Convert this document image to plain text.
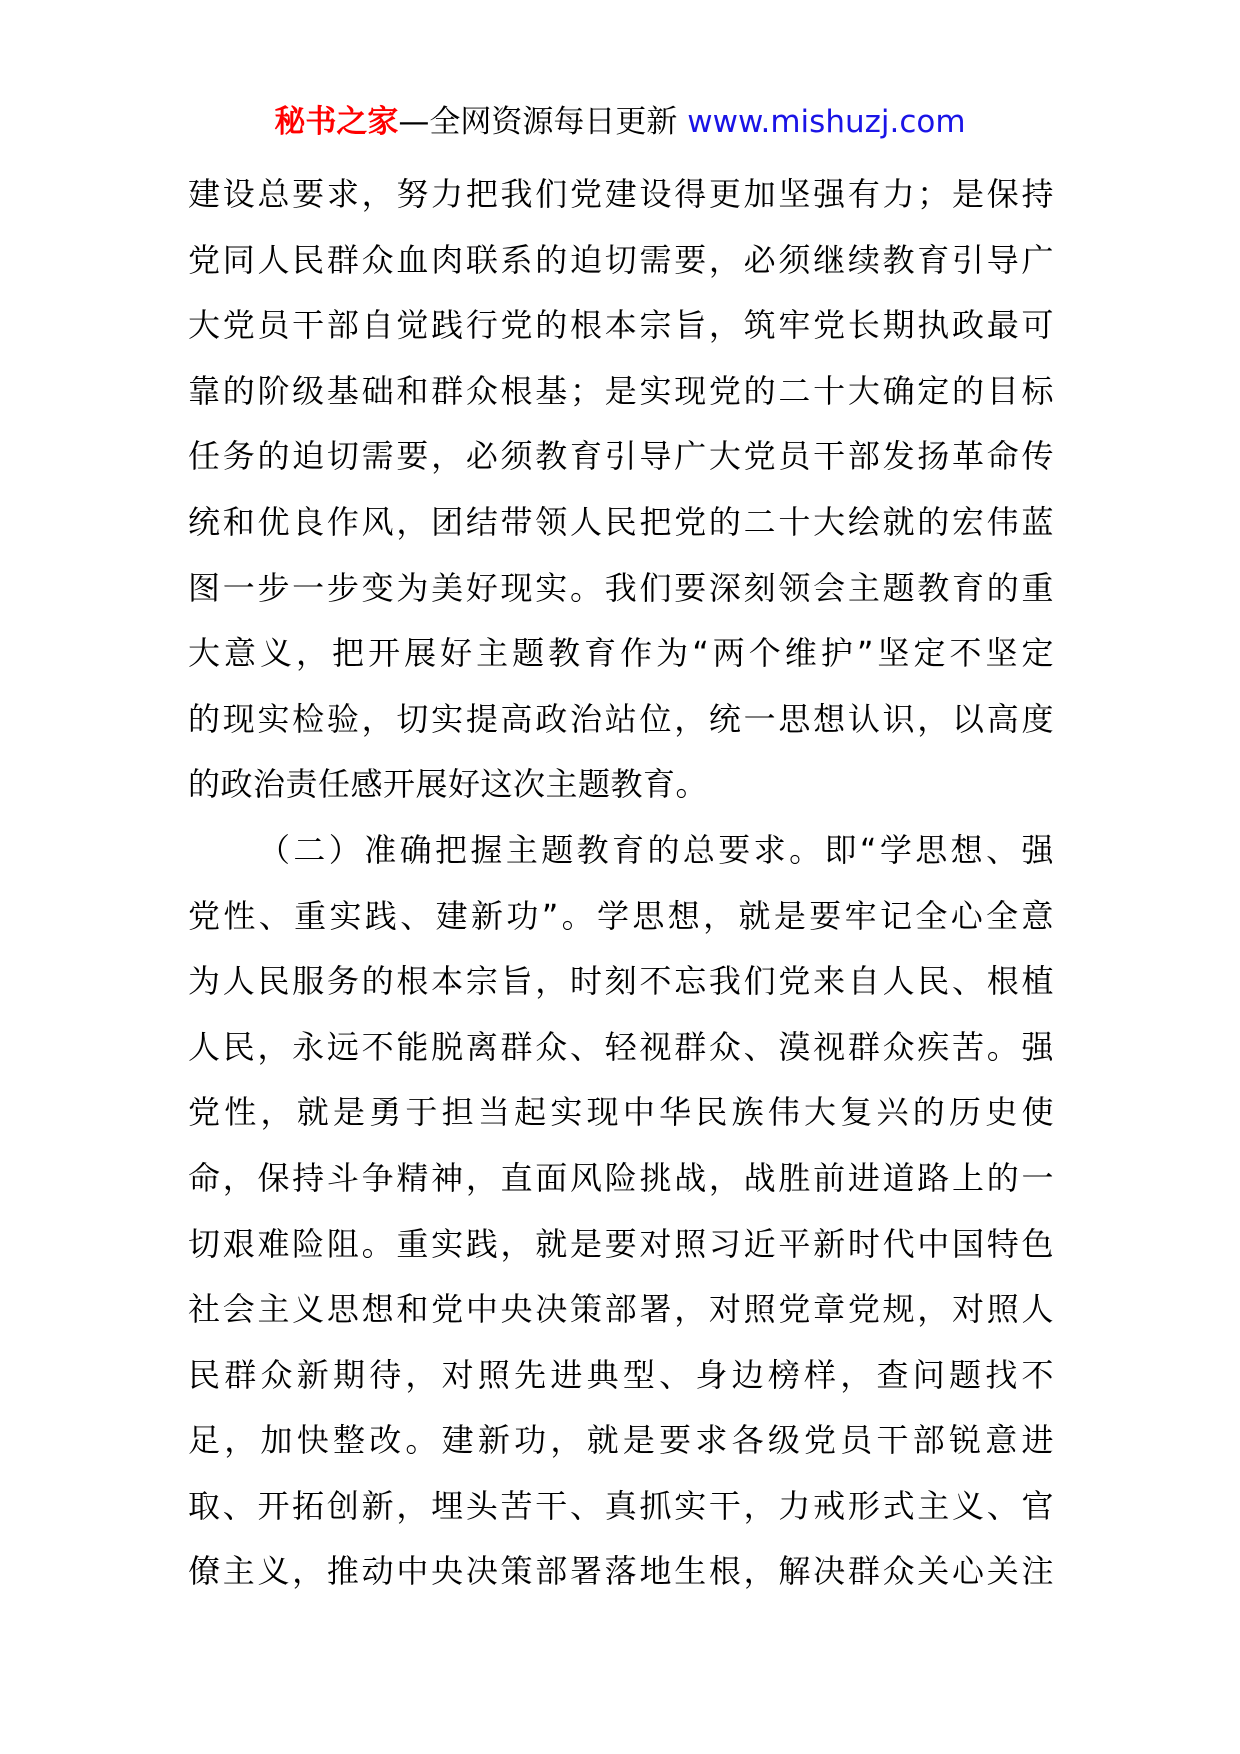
秘书之家—全网资源每日更新 www.mishuzj.com

建设总要求，努力把我们党建设得更加坚强有力；是保持
党同人民群众血肉联系的迫切需要，必须继续教育引导广
大党员干部自觉践行党的根本宗旨，筑牢党长期执政最可
靠的阶级基础和群众根基；是实现党的二十大确定的目标
任务的迫切需要，必须教育引导广大党员干部发扬革命传
统和优良作风，团结带领人民把党的二十大绘就的宏伟蓝
图一步一步变为美好现实。我们要深刻领会主题教育的重
大意义，把开展好主题教育作为“两个维护”坚定不坚定
的现实检验，切实提高政治站位，统一思想认识，以高度
的政治责任感开展好这次主题教育。

（二）准确把握主题教育的总要求。即“学思想、强
党性、重实践、建新功”。学思想，就是要牢记全心全意
为人民服务的根本宗旨，时刻不忘我们党来自人民、根植
人民，永远不能脱离群众、轻视群众、漠视群众疾苦。强
党性，就是勇于担当起实现中华民族伟大复兴的历史使
命，保持斗争精神，直面风险挑战，战胜前进道路上的一
切艰难险阻。重实践，就是要对照习近平新时代中国特色
社会主义思想和党中央决策部署，对照党章党规，对照人
民群众新期待，对照先进典型、身边榜样，查问题找不
足，加快整改。建新功，就是要求各级党员干部锐意进
取、开拓创新，埋头苦干、真抓实干，力戒形式主义、官
僚主义，推动中央决策部署落地生根，解决群众关心关注
